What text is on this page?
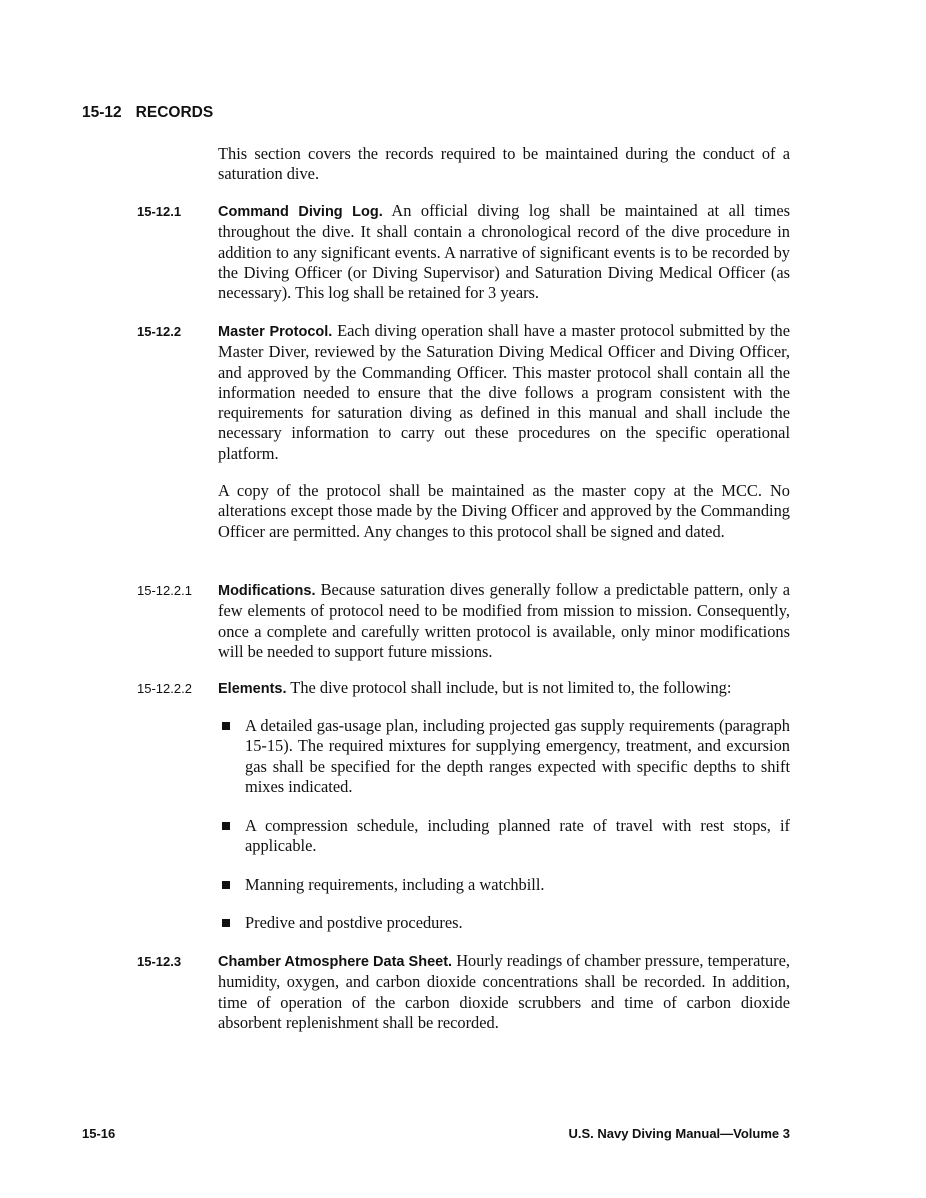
15-12 RECORDS
This section covers the records required to be maintained during the conduct of a saturation dive.
15-12.1	Command Diving Log. An official diving log shall be maintained at all times throughout the dive. It shall contain a chronological record of the dive procedure in addition to any significant events. A narrative of significant events is to be recorded by the Diving Officer (or Diving Supervisor) and Saturation Diving Medical Officer (as necessary). This log shall be retained for 3 years.
15-12.2	Master Protocol. Each diving operation shall have a master protocol submitted by the Master Diver, reviewed by the Saturation Diving Medical Officer and Diving Officer, and approved by the Commanding Officer. This master protocol shall contain all the information needed to ensure that the dive follows a program consistent with the requirements for saturation diving as defined in this manual and shall include the necessary information to carry out these procedures on the specific operational platform.
A copy of the protocol shall be maintained as the master copy at the MCC. No alterations except those made by the Diving Officer and approved by the Commanding Officer are permitted. Any changes to this protocol shall be signed and dated.
15-12.2.1 Modifications. Because saturation dives generally follow a predictable pattern, only a few elements of protocol need to be modified from mission to mission. Consequently, once a complete and carefully written protocol is available, only minor modifications will be needed to support future missions.
15-12.2.2 Elements. The dive protocol shall include, but is not limited to, the following:
A detailed gas-usage plan, including projected gas supply requirements (paragraph 15-15). The required mixtures for supplying emergency, treatment, and excursion gas shall be specified for the depth ranges expected with specific depths to shift mixes indicated.
A compression schedule, including planned rate of travel with rest stops, if applicable.
Manning requirements, including a watchbill.
Predive and postdive procedures.
15-12.3	Chamber Atmosphere Data Sheet. Hourly readings of chamber pressure, temperature, humidity, oxygen, and carbon dioxide concentrations shall be recorded. In addition, time of operation of the carbon dioxide scrubbers and time of carbon dioxide absorbent replenishment shall be recorded.
15-16	U.S. Navy Diving Manual—Volume 3
